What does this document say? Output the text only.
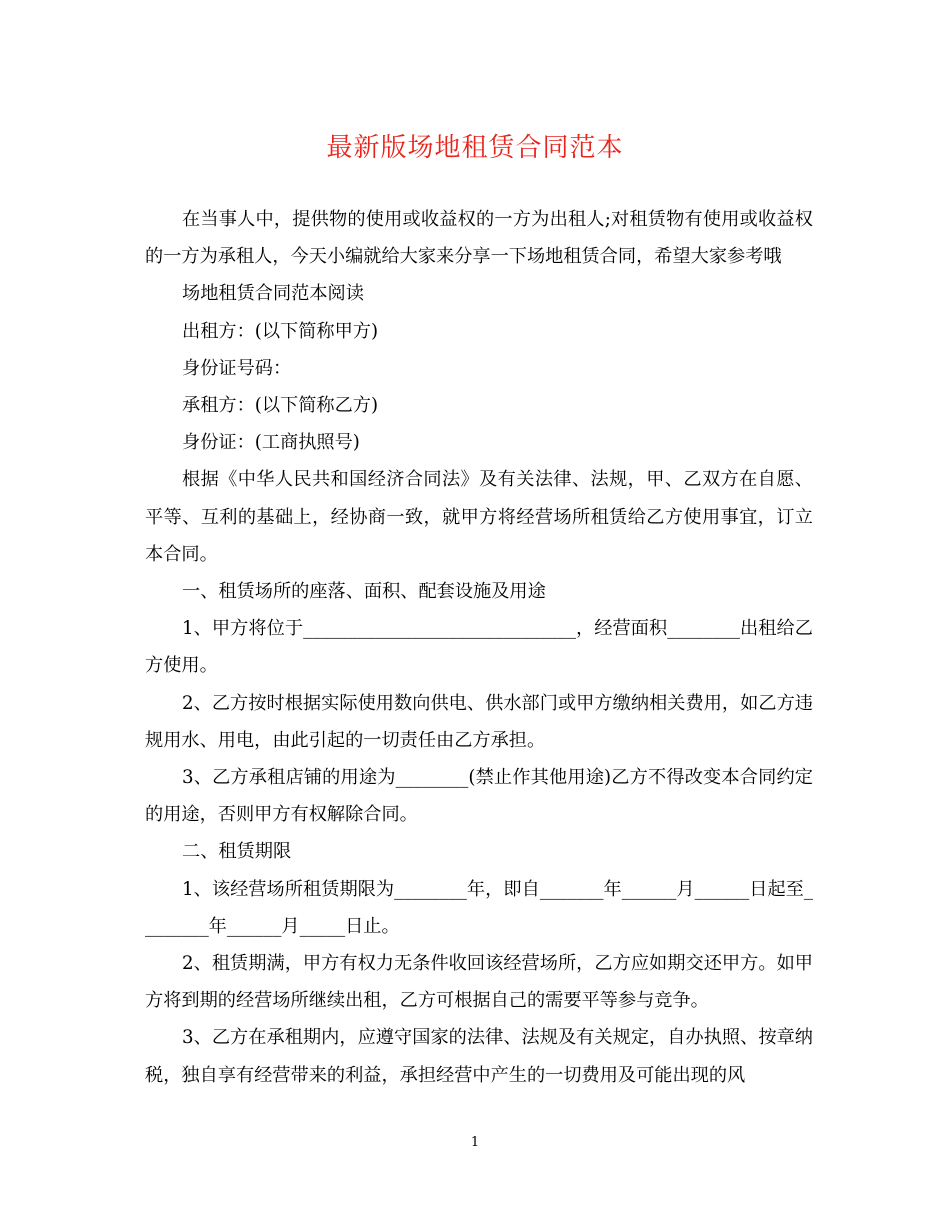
最新版场地租赁合同范本

在当事人中，提供物的使用或收益权的一方为出租人;对租赁物有使用或收益权的一方为承租人，今天小编就给大家来分享一下场地租赁合同，希望大家参考哦

场地租赁合同范本阅读

出租方：(以下简称甲方)

身份证号码：

承租方：(以下简称乙方)

身份证：(工商执照号)

根据《中华人民共和国经济合同法》及有关法律、法规，甲、乙双方在自愿、平等、互利的基础上，经协商一致，就甲方将经营场所租赁给乙方使用事宜，订立本合同。

一、租赁场所的座落、面积、配套设施及用途

1、甲方将位于______________________________，经营面积________出租给乙方使用。

2、乙方按时根据实际使用数向供电、供水部门或甲方缴纳相关费用，如乙方违规用水、用电，由此引起的一切责任由乙方承担。

3、乙方承租店铺的用途为________(禁止作其他用途)乙方不得改变本合同约定的用途，否则甲方有权解除合同。

二、租赁期限

1、该经营场所租赁期限为________年，即自_______年______月______日起至________年______月_____日止。

2、租赁期满，甲方有权力无条件收回该经营场所，乙方应如期交还甲方。如甲方将到期的经营场所继续出租，乙方可根据自己的需要平等参与竞争。

3、乙方在承租期内，应遵守国家的法律、法规及有关规定，自办执照、按章纳税，独自享有经营带来的利益，承担经营中产生的一切费用及可能出现的风

1
